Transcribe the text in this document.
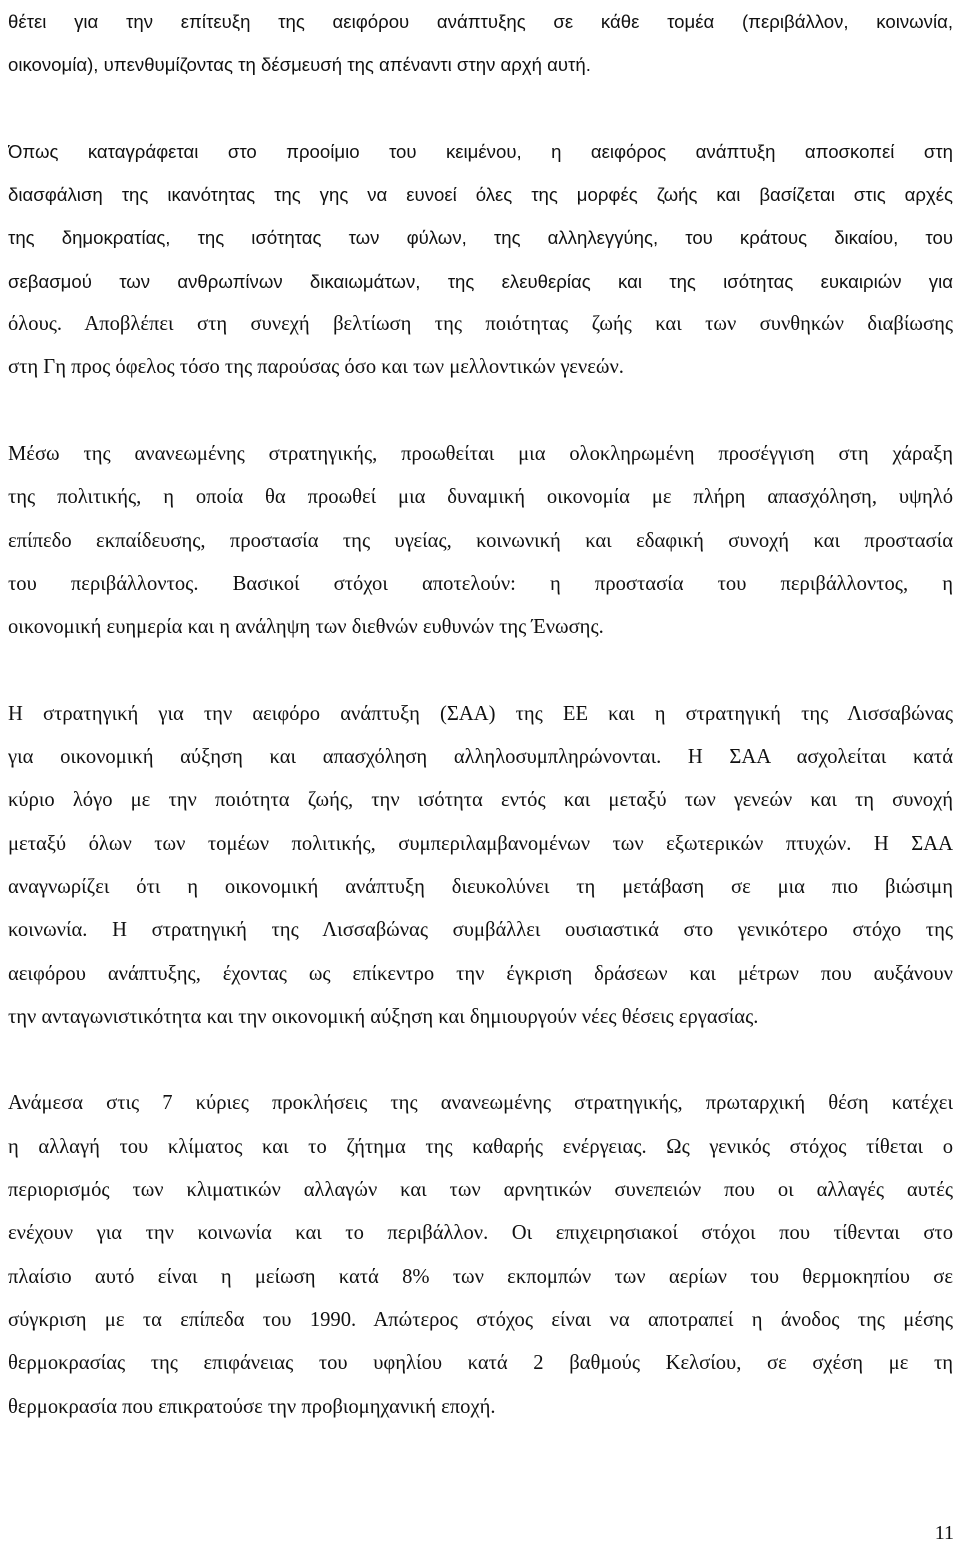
θέτει για την επίτευξη της αειφόρου ανάπτυξης σε κάθε τομέα (περιβάλλον, κοινωνία,
οικονομία), υπενθυμίζοντας τη δέσμευσή της απέναντι στην αρχή αυτή.
Όπως καταγράφεται στο προοίμιο του κειμένου, η αειφόρος ανάπτυξη αποσκοπεί στη
διασφάλιση της ικανότητας της γης να ευνοεί όλες της μορφές ζωής και βασίζεται στις αρχές
της δημοκρατίας, της ισότητας των φύλων, της αλληλεγγύης, του κράτους δικαίου, του
σεβασμού των ανθρωπίνων δικαιωμάτων, της ελευθερίας και της ισότητας ευκαιριών για
όλους. Αποβλέπει στη συνεχή βελτίωση της ποιότητας ζωής και των συνθηκών διαβίωσης
στη Γη προς όφελος τόσο της παρούσας όσο και των μελλοντικών γενεών.
Μέσω της ανανεωμένης στρατηγικής, προωθείται μια ολοκληρωμένη προσέγγιση στη χάραξη
της πολιτικής, η οποία θα προωθεί μια δυναμική οικονομία με πλήρη απασχόληση, υψηλό
επίπεδο εκπαίδευσης, προστασία της υγείας, κοινωνική και εδαφική συνοχή και προστασία
του περιβάλλοντος. Βασικοί στόχοι αποτελούν: η προστασία του περιβάλλοντος, η
οικονομική ευημερία και η ανάληψη των διεθνών ευθυνών της Ένωσης.
Η στρατηγική για την αειφόρο ανάπτυξη (ΣΑΑ) της ΕΕ και η στρατηγική της Λισσαβώνας
για οικονομική αύξηση και απασχόληση αλληλοσυμπληρώνονται. Η ΣΑΑ ασχολείται κατά
κύριο λόγο με την ποιότητα ζωής, την ισότητα εντός και μεταξύ των γενεών και τη συνοχή
μεταξύ όλων των τομέων πολιτικής, συμπεριλαμβανομένων των εξωτερικών πτυχών. Η ΣΑΑ
αναγνωρίζει ότι η οικονομική ανάπτυξη διευκολύνει τη μετάβαση σε μια πιο βιώσιμη
κοινωνία. Η στρατηγική της Λισσαβώνας συμβάλλει ουσιαστικά στο γενικότερο στόχο της
αειφόρου ανάπτυξης, έχοντας ως επίκεντρο την έγκριση δράσεων και μέτρων που αυξάνουν
την ανταγωνιστικότητα και την οικονομική αύξηση και δημιουργούν νέες θέσεις εργασίας.
Ανάμεσα στις 7 κύριες προκλήσεις της ανανεωμένης στρατηγικής, πρωταρχική θέση κατέχει
η αλλαγή του κλίματος και το ζήτημα της καθαρής ενέργειας. Ως γενικός στόχος τίθεται ο
περιορισμός των κλιματικών αλλαγών και των αρνητικών συνεπειών που οι αλλαγές αυτές
ενέχουν για την κοινωνία και το περιβάλλον. Οι επιχειρησιακοί στόχοι που τίθενται στο
πλαίσιο αυτό είναι η μείωση κατά 8% των εκπομπών των αερίων του θερμοκηπίου σε
σύγκριση με τα επίπεδα του 1990. Απώτερος στόχος είναι να αποτραπεί η άνοδος της μέσης
θερμοκρασίας της επιφάνειας του υφηλίου κατά 2 βαθμούς Κελσίου, σε σχέση με τη
θερμοκρασία που επικρατούσε την προβιομηχανική εποχή.
11
